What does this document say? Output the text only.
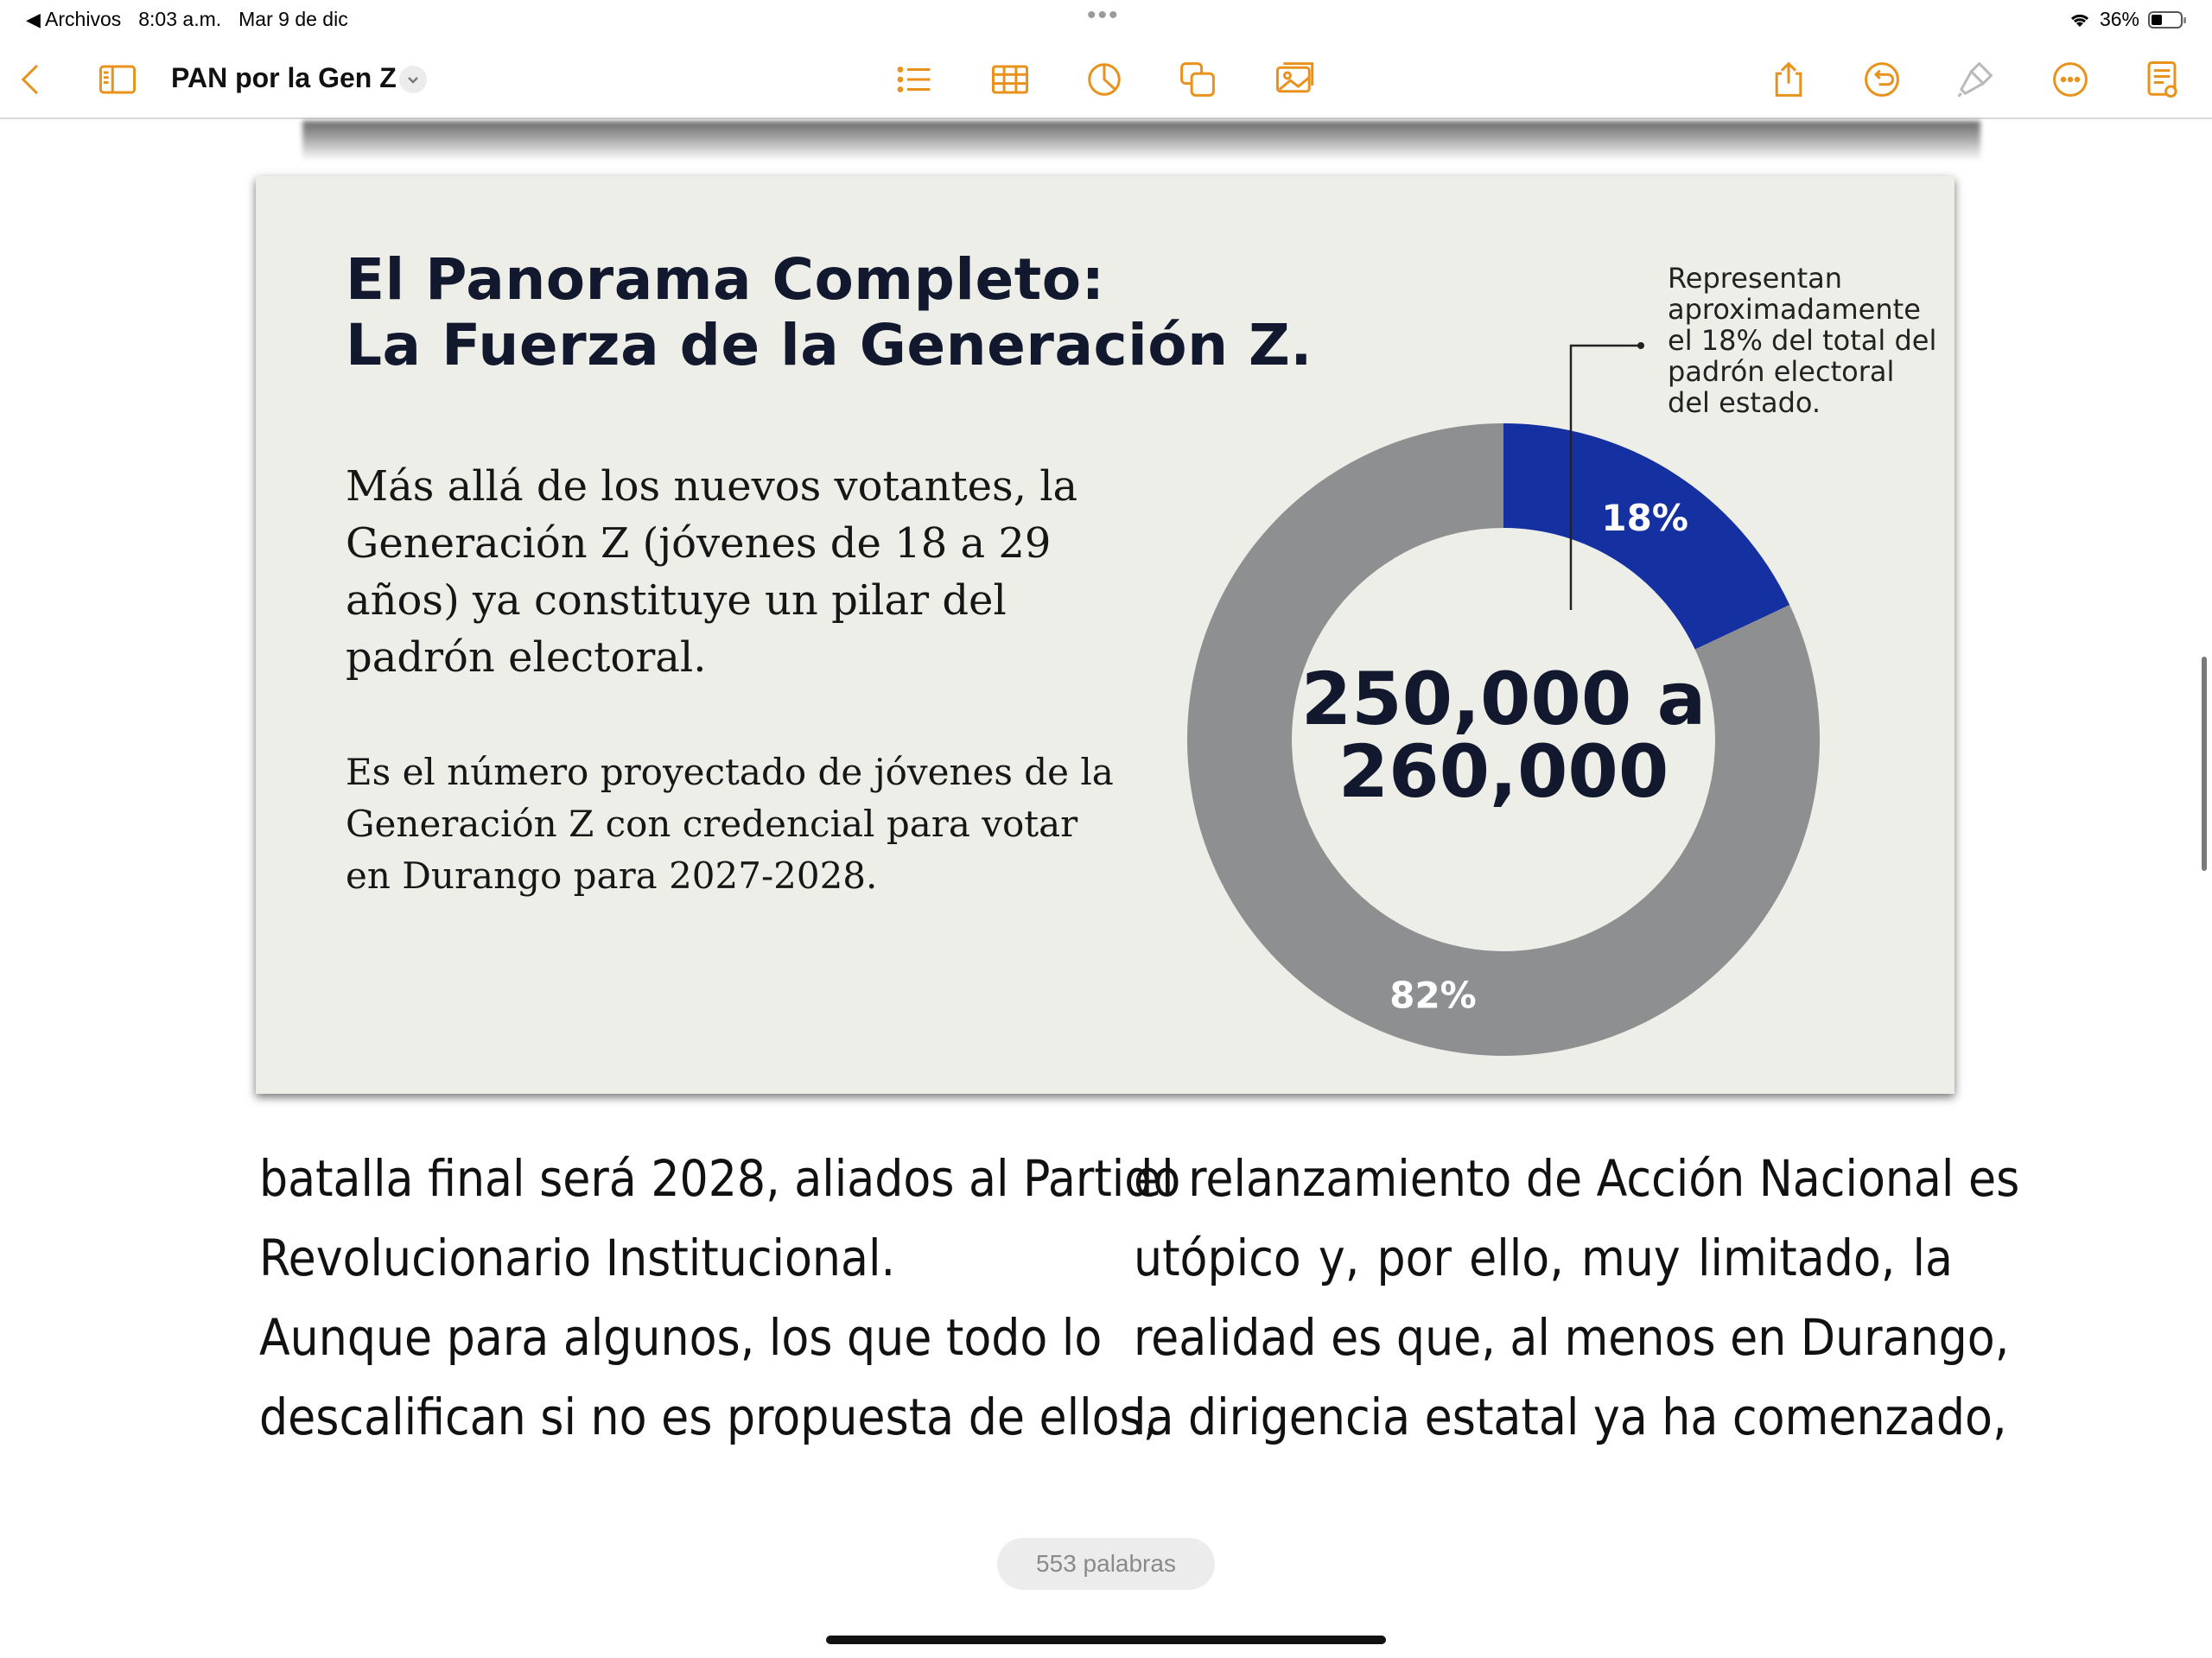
◀ Archivos 8:03 a.m. Mar 9 de dic	•••	36%
PAN por la Gen Z
El Panorama Completo:
La Fuerza de la Generación Z.

Más allá de los nuevos votantes, la Generación Z (jóvenes de 18 a 29 años) ya constituye un pilar del padrón electoral.

Es el número proyectado de jóvenes de la Generación Z con credencial para votar en Durango para 2027-2028.

Representan
aproximadamente
el 18% del total del
padrón electoral
del estado.
18%
82%
250,000 a
260,000
batalla final será 2028, aliados al Partido
Revolucionario Institucional.
Aunque para algunos, los que todo lo
descalifican si no es propuesta de ellos,
el relanzamiento de Acción Nacional es
utópico y, por ello, muy limitado, la
realidad es que, al menos en Durango,
la dirigencia estatal ya ha comenzado,
553 palabras
